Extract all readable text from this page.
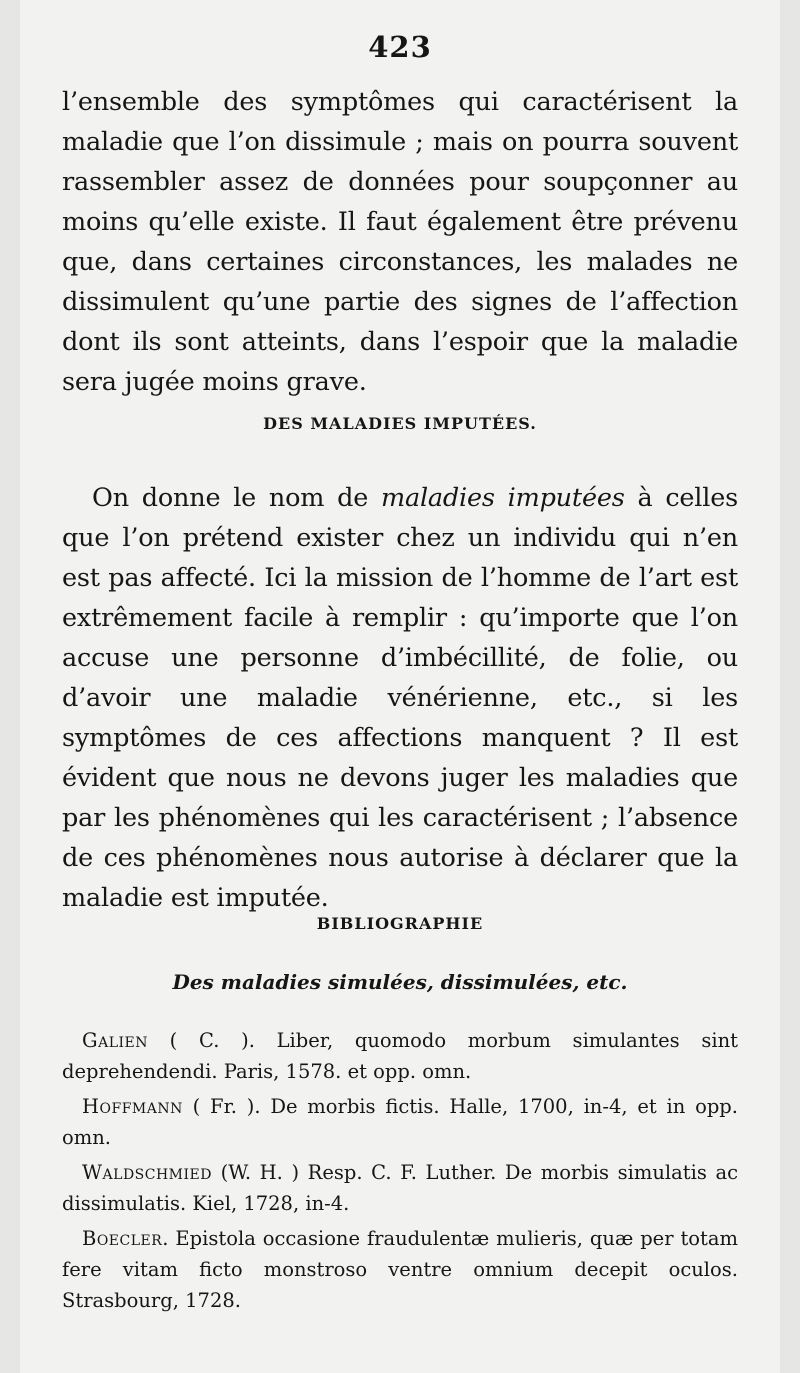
423

l’ensemble des symptômes qui caractérisent la maladie que l’on dissimule ; mais on pourra souvent rassembler assez de données pour soupçonner au moins qu’elle existe. Il faut également être prévenu que, dans certaines circonstances, les malades ne dissimulent qu’une partie des signes de l’affection dont ils sont atteints, dans l’espoir que la maladie sera jugée moins grave.

DES MALADIES IMPUTÉES.

On donne le nom de maladies imputées à celles que l’on prétend exister chez un individu qui n’en est pas affecté. Ici la mission de l’homme de l’art est extrêmement facile à remplir : qu’importe que l’on accuse une personne d’imbécillité, de folie, ou d’avoir une maladie vénérienne, etc., si les symptômes de ces affections manquent ? Il est évident que nous ne devons juger les maladies que par les phénomènes qui les caractérisent ; l’absence de ces phénomènes nous autorise à déclarer que la maladie est imputée.

BIBLIOGRAPHIE
Des maladies simulées, dissimulées, etc.
Galien ( C. ). Liber, quomodo morbum simulantes sint deprehendendi. Paris, 1578. et opp. omn.
Hoffmann ( Fr. ). De morbis fictis. Halle, 1700, in-4, et in opp. omn.
Waldschmied (W. H. ) Resp. C. F. Luther. De morbis simulatis ac dissimulatis. Kiel, 1728, in-4.
Boecler. Epistola occasione fraudulentæ mulieris, quæ per totam fere vitam ficto monstroso ventre omnium decepit oculos. Strasbourg, 1728.
